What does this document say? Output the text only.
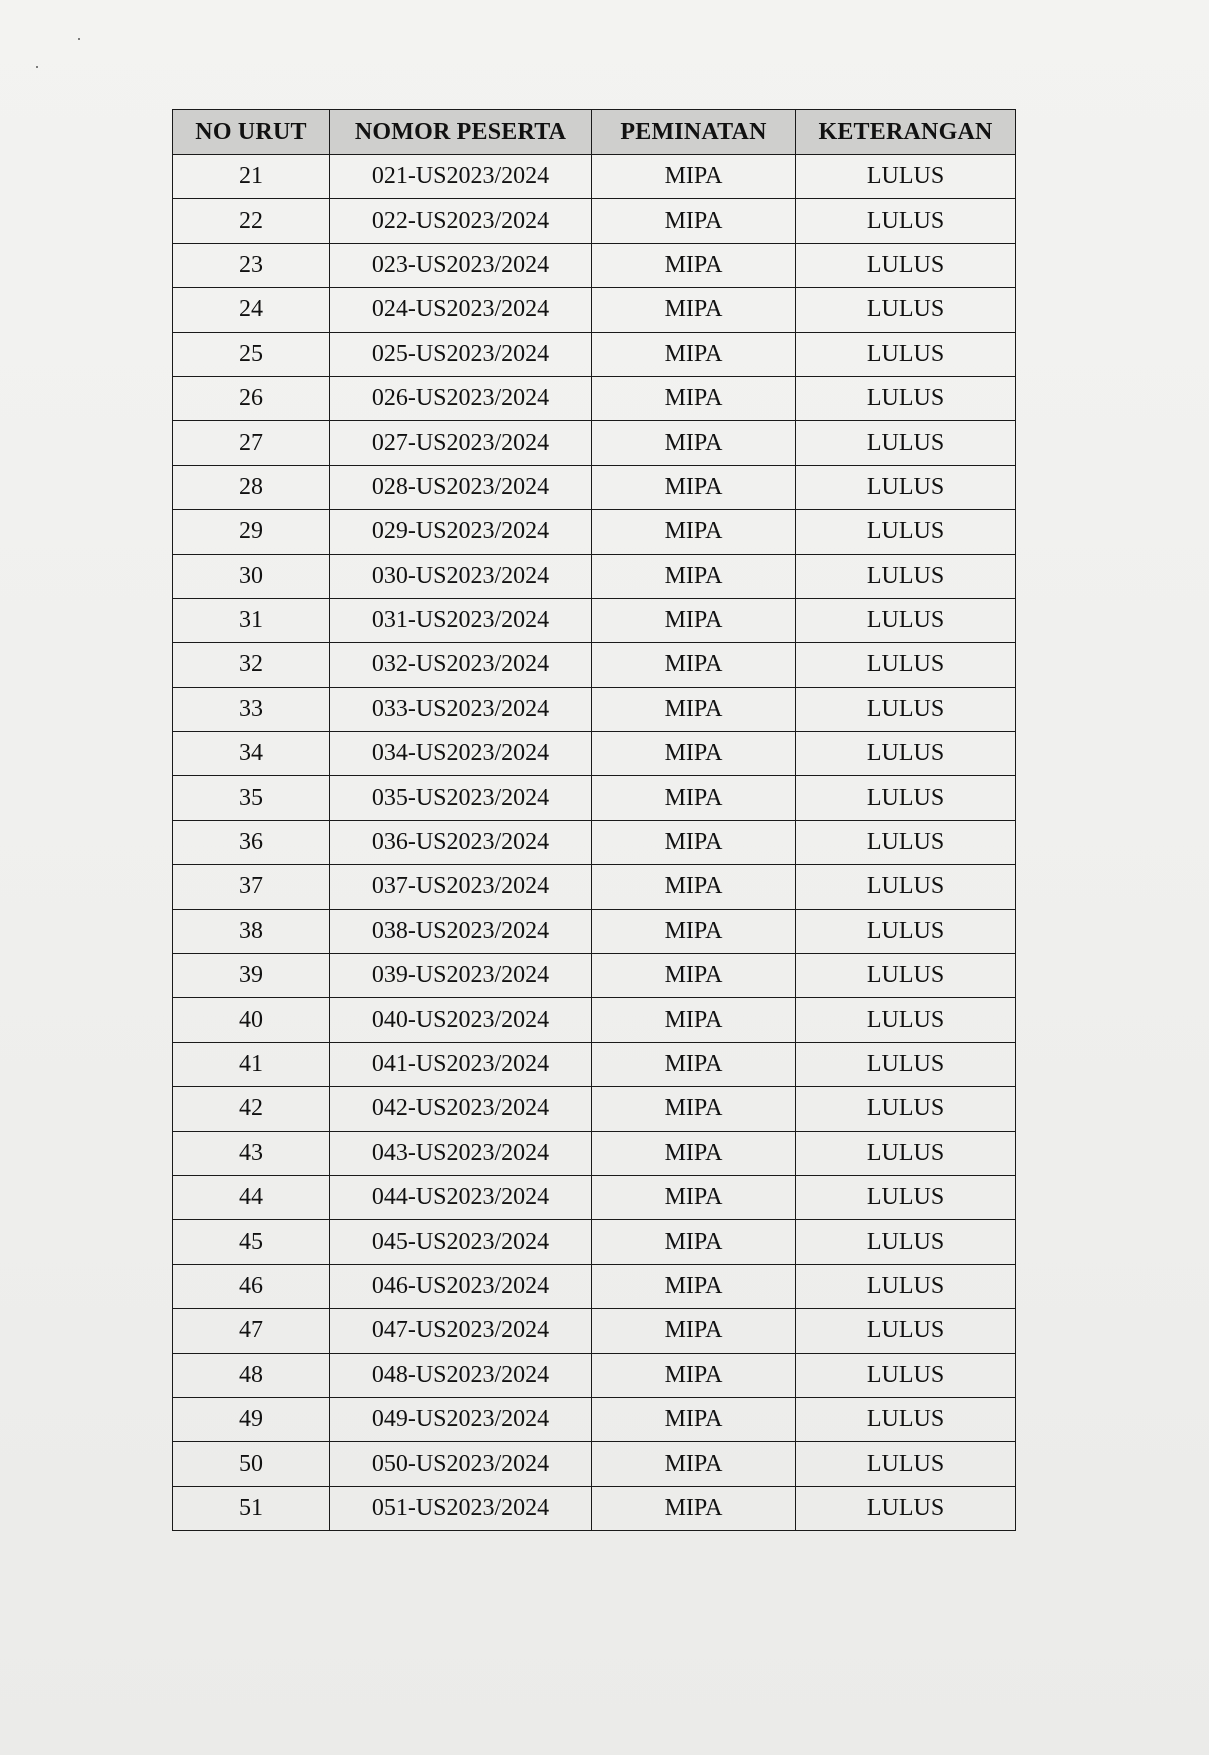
NO URUT	NOMOR PESERTA	PEMINATAN	KETERANGAN
21	021-US2023/2024	MIPA	LULUS
22	022-US2023/2024	MIPA	LULUS
23	023-US2023/2024	MIPA	LULUS
24	024-US2023/2024	MIPA	LULUS
25	025-US2023/2024	MIPA	LULUS
26	026-US2023/2024	MIPA	LULUS
27	027-US2023/2024	MIPA	LULUS
28	028-US2023/2024	MIPA	LULUS
29	029-US2023/2024	MIPA	LULUS
30	030-US2023/2024	MIPA	LULUS
31	031-US2023/2024	MIPA	LULUS
32	032-US2023/2024	MIPA	LULUS
33	033-US2023/2024	MIPA	LULUS
34	034-US2023/2024	MIPA	LULUS
35	035-US2023/2024	MIPA	LULUS
36	036-US2023/2024	MIPA	LULUS
37	037-US2023/2024	MIPA	LULUS
38	038-US2023/2024	MIPA	LULUS
39	039-US2023/2024	MIPA	LULUS
40	040-US2023/2024	MIPA	LULUS
41	041-US2023/2024	MIPA	LULUS
42	042-US2023/2024	MIPA	LULUS
43	043-US2023/2024	MIPA	LULUS
44	044-US2023/2024	MIPA	LULUS
45	045-US2023/2024	MIPA	LULUS
46	046-US2023/2024	MIPA	LULUS
47	047-US2023/2024	MIPA	LULUS
48	048-US2023/2024	MIPA	LULUS
49	049-US2023/2024	MIPA	LULUS
50	050-US2023/2024	MIPA	LULUS
51	051-US2023/2024	MIPA	LULUS
